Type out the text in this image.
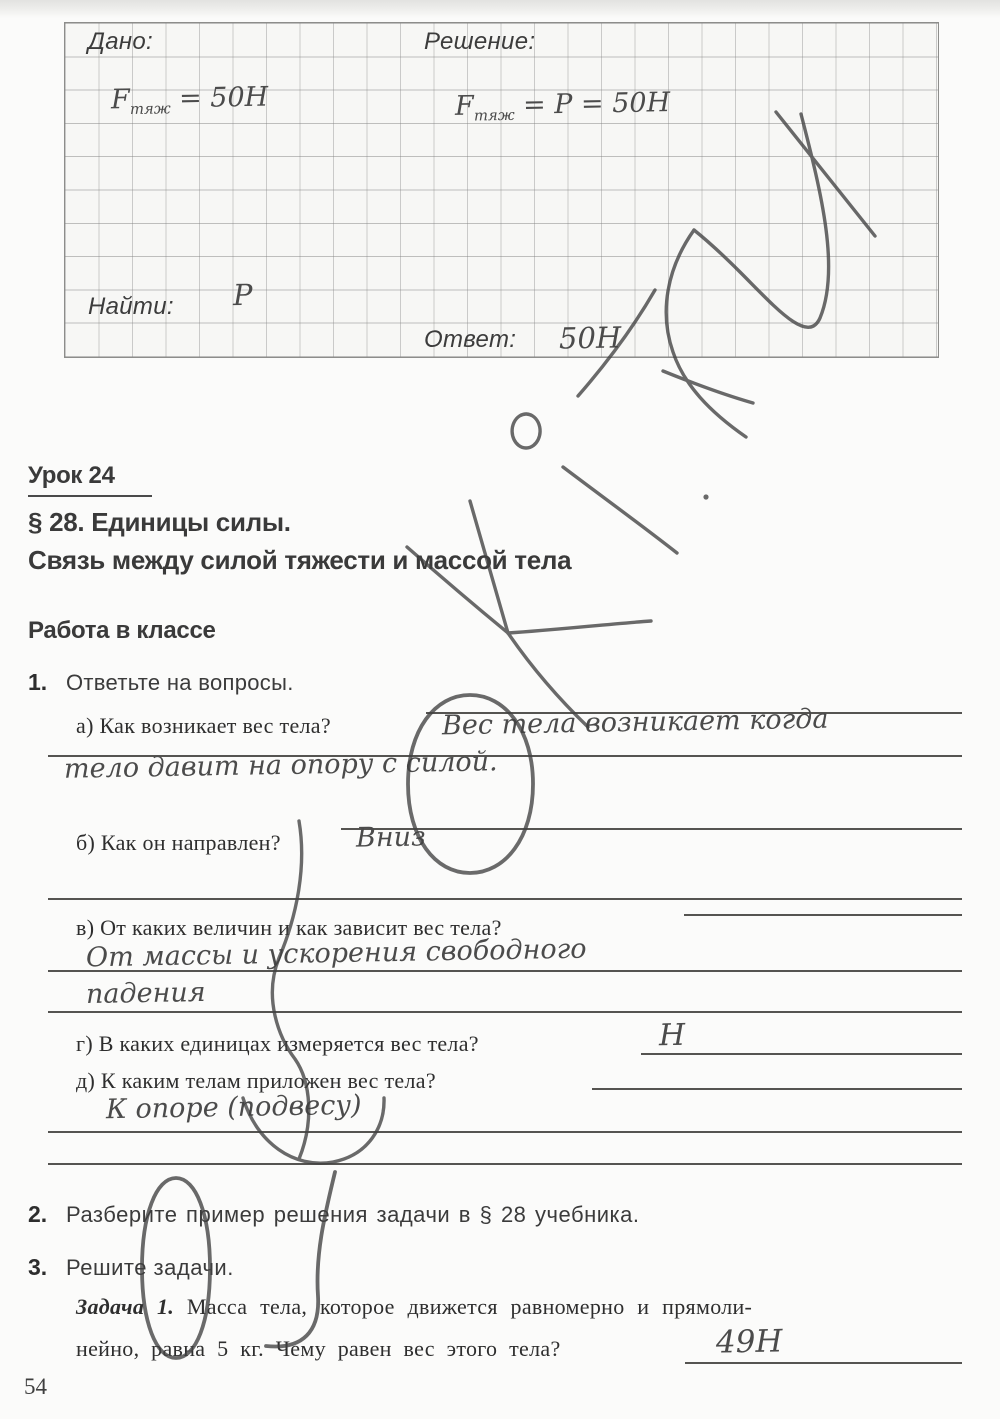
Дано:	Решение:
Найти:
Ответ:
$F_{тяж} = 50Н$	$F_{тяж} = P = 50Н$
P
50Н
Урок 24
§ 28. Единицы силы.
Связь между силой тяжести и массой тела
Работа в классе
1. Ответьте на вопросы.
а) Как возникает вес тела?	Вес тела возникает когда
тело давит на опору с силой.
б) Как он направлен?	Вниз
в) От каких величин и как зависит вес тела?
От массы и ускорения свободного
падения
г) В каких единицах измеряется вес тела?	Н
д) К каким телам приложен вес тела?
К опоре (подвесу)
2. Разберите пример решения задачи в § 28 учебника.
3. Решите задачи.
Задача 1. Масса тела, которое движется равномерно и прямоли-
нейно, равна 5 кг. Чему равен вес этого тела?	49Н
54
